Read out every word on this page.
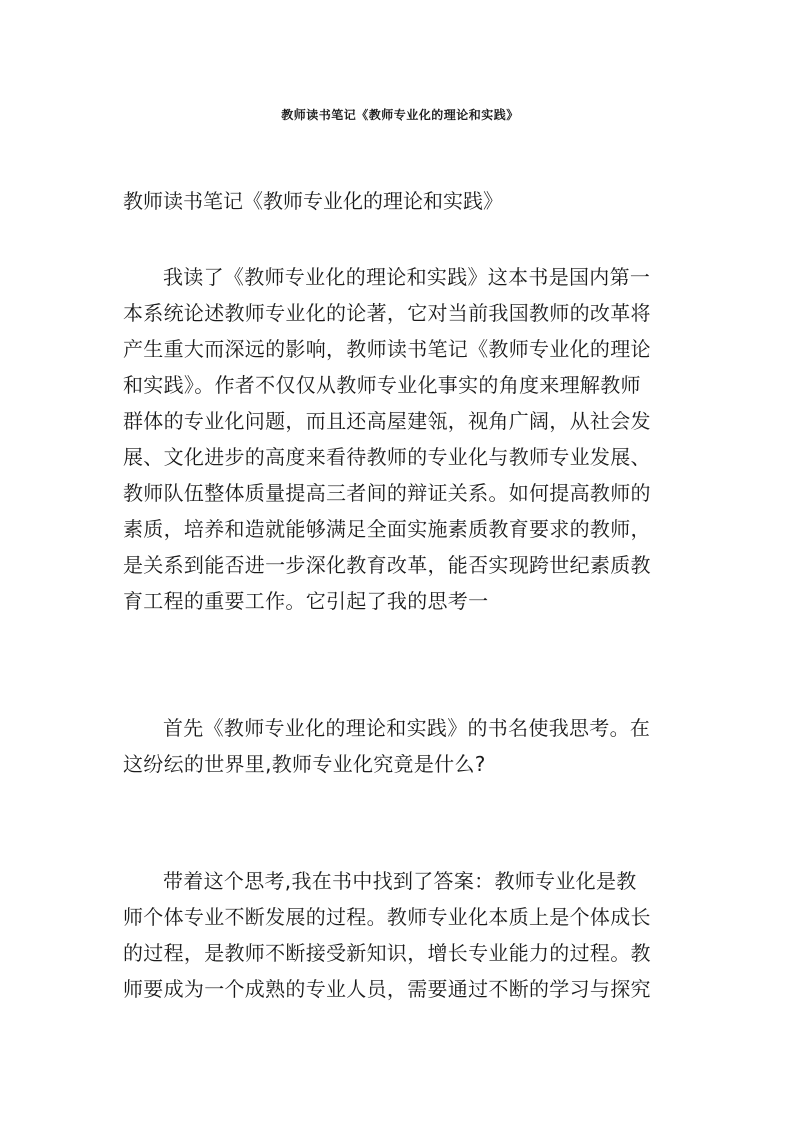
教师读书笔记《教师专业化的理论和实践》
教师读书笔记《教师专业化的理论和实践》
我读了《教师专业化的理论和实践》这本书是国内第一
本系统论述教师专业化的论著，它对当前我国教师的改革将
产生重大而深远的影响，教师读书笔记《教师专业化的理论
和实践》。作者不仅仅从教师专业化事实的角度来理解教师
群体的专业化问题，而且还高屋建瓴，视角广阔，从社会发
展、文化进步的高度来看待教师的专业化与教师专业发展、
教师队伍整体质量提高三者间的辩证关系。如何提高教师的
素质，培养和造就能够满足全面实施素质教育要求的教师，
是关系到能否进一步深化教育改革，能否实现跨世纪素质教
育工程的重要工作。它引起了我的思考一
首先《教师专业化的理论和实践》的书名使我思考。在
这纷纭的世界里,教师专业化究竟是什么?
带着这个思考,我在书中找到了答案：教师专业化是教
师个体专业不断发展的过程。教师专业化本质上是个体成长
的过程，是教师不断接受新知识，增长专业能力的过程。教
师要成为一个成熟的专业人员，需要通过不断的学习与探究
